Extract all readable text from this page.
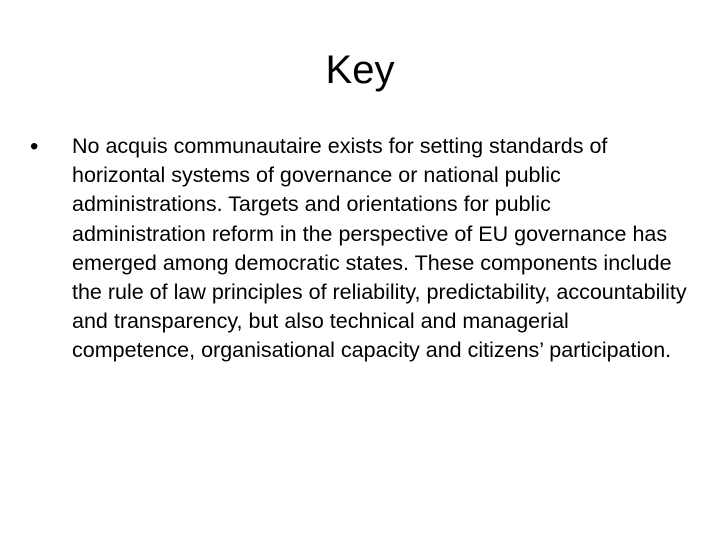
Key
•	No acquis communautaire exists for setting standards of horizontal systems of governance or national public administrations. Targets and orientations for public administration reform in the perspective of EU governance has emerged among democratic states. These components include the rule of law principles of reliability, predictability, accountability and transparency, but also technical and managerial competence, organisational capacity and citizens’ participation.
